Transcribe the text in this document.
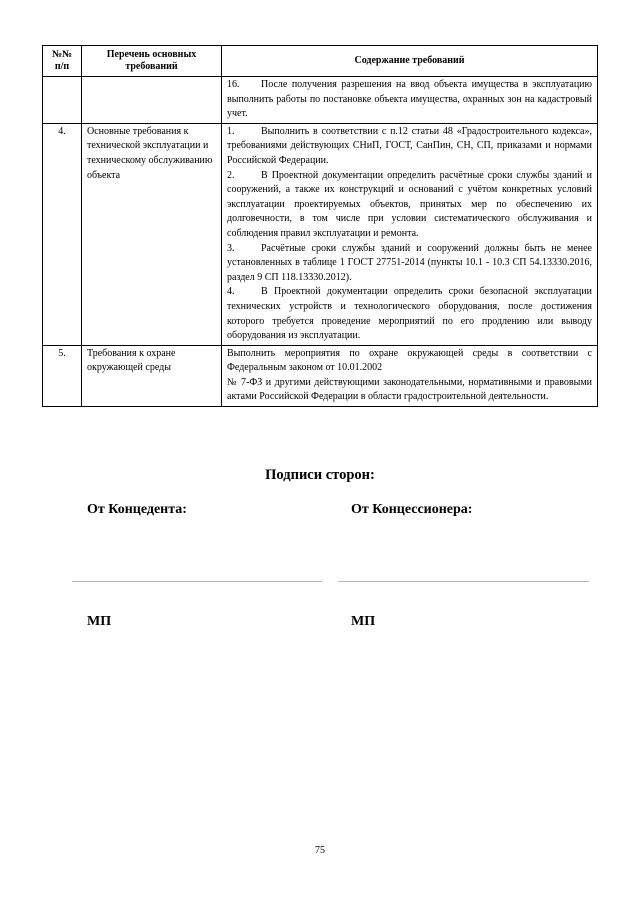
№№ п/п	Перечень основных требований	Содержание требований

		16. После получения разрешения на ввод объекта имущества в эксплуатацию выполнить работы по постановке объекта имущества, охранных зон на кадастровый учет.

4.	Основные требования к технической эксплуатации и техническому обслуживанию объекта	1. Выполнить в соответствии с п.12 статьи 48 «Градостроительного кодекса», требованиями действующих СНиП, ГОСТ, СанПин, СН, СП, приказами и нормами Российской Федерации.
2. В Проектной документации определить расчётные сроки службы зданий и сооружений, а также их конструкций и оснований с учётом конкретных условий эксплуатации проектируемых объектов, принятых мер по обеспечению их долговечности, в том числе при условии систематического обслуживания и соблюдения правил эксплуатации и ремонта.
3. Расчётные сроки службы зданий и сооружений должны быть не менее установленных в таблице 1 ГОСТ 27751-2014 (пункты 10.1 - 10.3 СП 54.13330.2016, раздел 9 СП 118.13330.2012).
4. В Проектной документации определить сроки безопасной эксплуатации технических устройств и технологического оборудования, после достижения которого требуется проведение мероприятий по его продлению или выводу оборудования из эксплуатации.

5.	Требования к охране окружающей среды	Выполнить мероприятия по охране окружающей среды в соответствии с Федеральным законом от 10.01.2002
№ 7-ФЗ и другими действующими законодательными, нормативными и правовыми актами Российской Федерации в области градостроительной деятельности.
Подписи сторон:
От Концедента:	От Концессионера:
МП	МП
75
